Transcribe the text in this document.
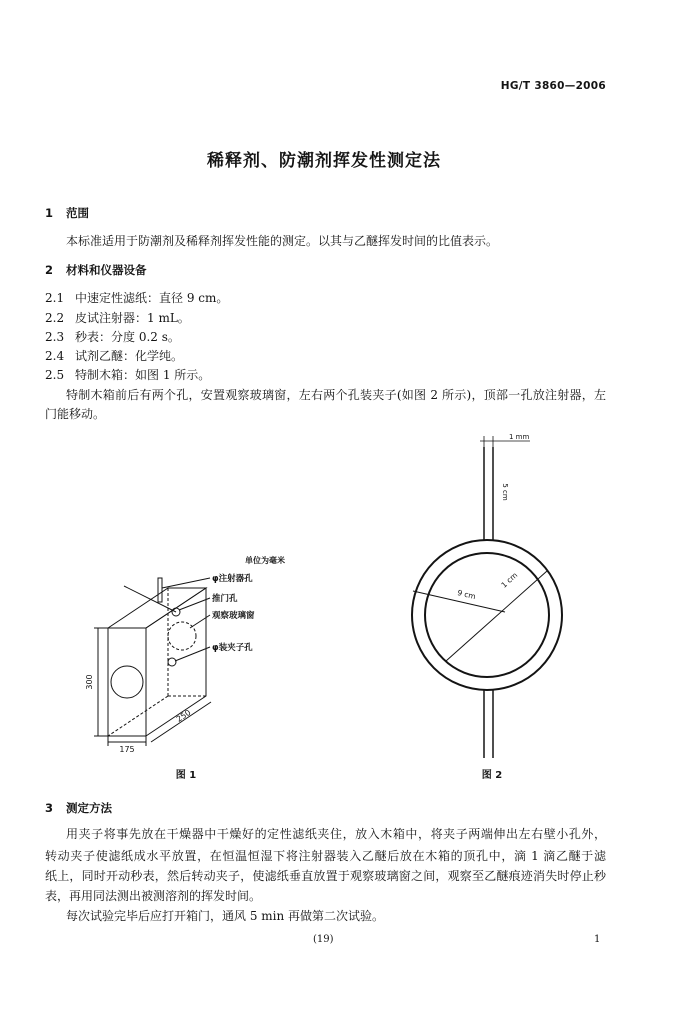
HG/T 3860—2006
稀释剂、防潮剂挥发性测定法
1	范围
本标准适用于防潮剂及稀释剂挥发性能的测定。以其与乙醚挥发时间的比值表示。
2	材料和仪器设备
2.1 中速定性滤纸：直径 9 cm。
2.2 皮试注射器：1 mL。
2.3 秒表：分度 0.2 s。
2.4 试剂乙醚：化学纯。
2.5 特制木箱：如图 1 所示。
特制木箱前后有两个孔，安置观察玻璃窗，左右两个孔装夹子(如图 2 所示)，顶部一孔放注射器，左
门能移动。
单位为毫米
φ注射器孔
推门孔
观察玻璃窗
φ装夹子孔
300
175
250
图 1
1 mm
5 cm
9 cm
1 cm
图 2
3	测定方法
用夹子将事先放在干燥器中干燥好的定性滤纸夹住，放入木箱中，将夹子两端伸出左右壁小孔外，
转动夹子使滤纸成水平放置，在恒温恒湿下将注射器装入乙醚后放在木箱的顶孔中，滴 1 滴乙醚于滤
纸上，同时开动秒表，然后转动夹子，使滤纸垂直放置于观察玻璃窗之间，观察至乙醚痕迹消失时停止秒
表，再用同法测出被测溶剂的挥发时间。
每次试验完毕后应打开箱门，通风 5 min 再做第二次试验。
(19)	1
